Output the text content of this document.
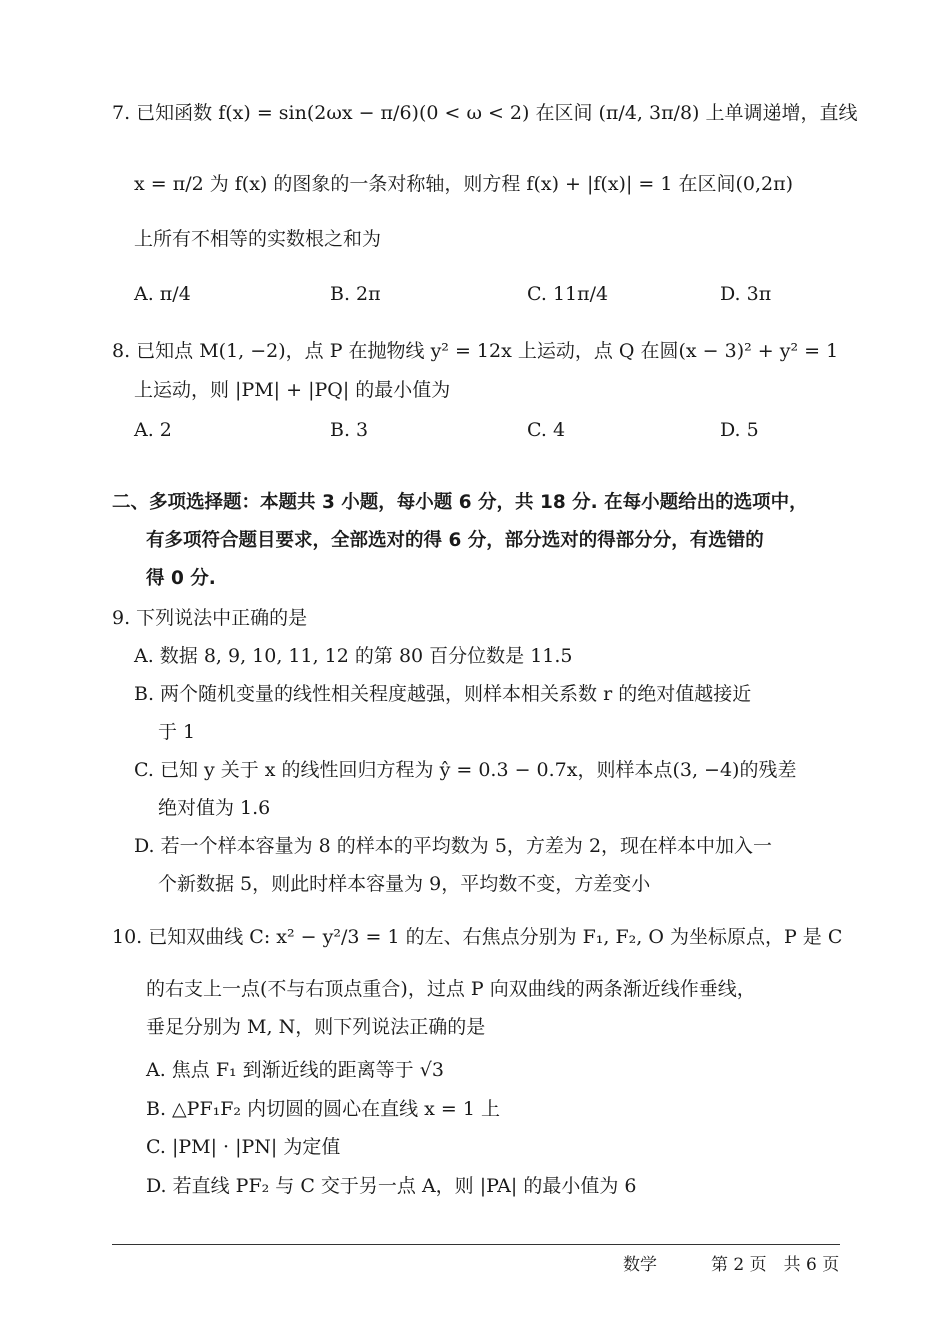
7. 已知函数 f(x) = sin(2ωx − π/6)(0 < ω < 2) 在区间 (π/4, 3π/8) 上单调递增，直线
x = π/2 为 f(x) 的图象的一条对称轴，则方程 f(x) + |f(x)| = 1 在区间(0,2π)
上所有不相等的实数根之和为
A. π/4	B. 2π	C. 11π/4	D. 3π
8. 已知点 M(1, −2)，点 P 在抛物线 y² = 12x 上运动，点 Q 在圆(x − 3)² + y² = 1
上运动，则 |PM| + |PQ| 的最小值为
A. 2	B. 3	C. 4	D. 5
二、多项选择题：本题共 3 小题，每小题 6 分，共 18 分. 在每小题给出的选项中，
有多项符合题目要求，全部选对的得 6 分，部分选对的得部分分，有选错的
得 0 分.
9. 下列说法中正确的是
A. 数据 8, 9, 10, 11, 12 的第 80 百分位数是 11.5
B. 两个随机变量的线性相关程度越强，则样本相关系数 r 的绝对值越接近
于 1
C. 已知 y 关于 x 的线性回归方程为 ŷ = 0.3 − 0.7x，则样本点(3, −4)的残差
绝对值为 1.6
D. 若一个样本容量为 8 的样本的平均数为 5，方差为 2，现在样本中加入一
个新数据 5，则此时样本容量为 9，平均数不变，方差变小
10. 已知双曲线 C: x² − y²/3 = 1 的左、右焦点分别为 F₁, F₂, O 为坐标原点，P 是 C
的右支上一点(不与右顶点重合)，过点 P 向双曲线的两条渐近线作垂线，
垂足分别为 M, N，则下列说法正确的是
A. 焦点 F₁ 到渐近线的距离等于 √3
B. △PF₁F₂ 内切圆的圆心在直线 x = 1 上
C. |PM| · |PN| 为定值
D. 若直线 PF₂ 与 C 交于另一点 A，则 |PA| 的最小值为 6
数学	第 2 页　共 6 页
